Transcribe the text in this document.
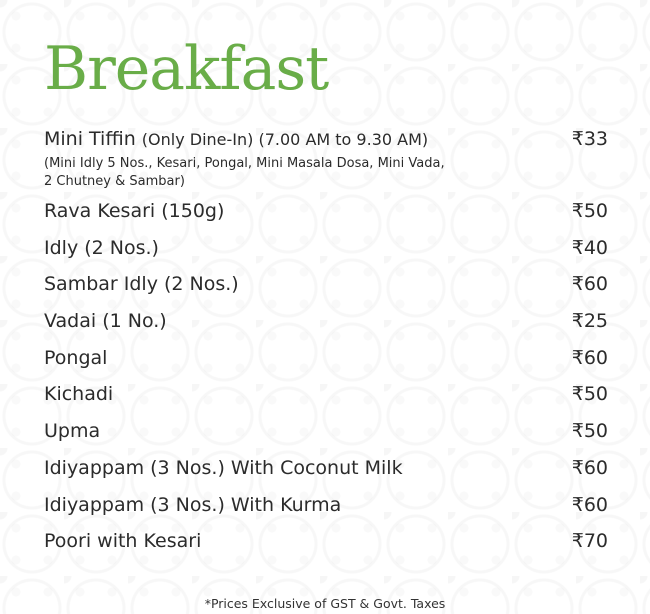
Breakfast
Mini Tiffin (Only Dine-In) (7.00 AM to 9.30 AM)
(Mini Idly 5 Nos., Kesari, Pongal, Mini Masala Dosa, Mini Vada,
2 Chutney & Sambar)
₹33
Rava Kesari (150g)	₹50
Idly (2 Nos.)	₹40
Sambar Idly (2 Nos.)	₹60
Vadai (1 No.)	₹25
Pongal	₹60
Kichadi	₹50
Upma	₹50
Idiyappam (3 Nos.) With Coconut Milk	₹60
Idiyappam (3 Nos.) With Kurma	₹60
Poori with Kesari	₹70
*Prices Exclusive of GST & Govt. Taxes
